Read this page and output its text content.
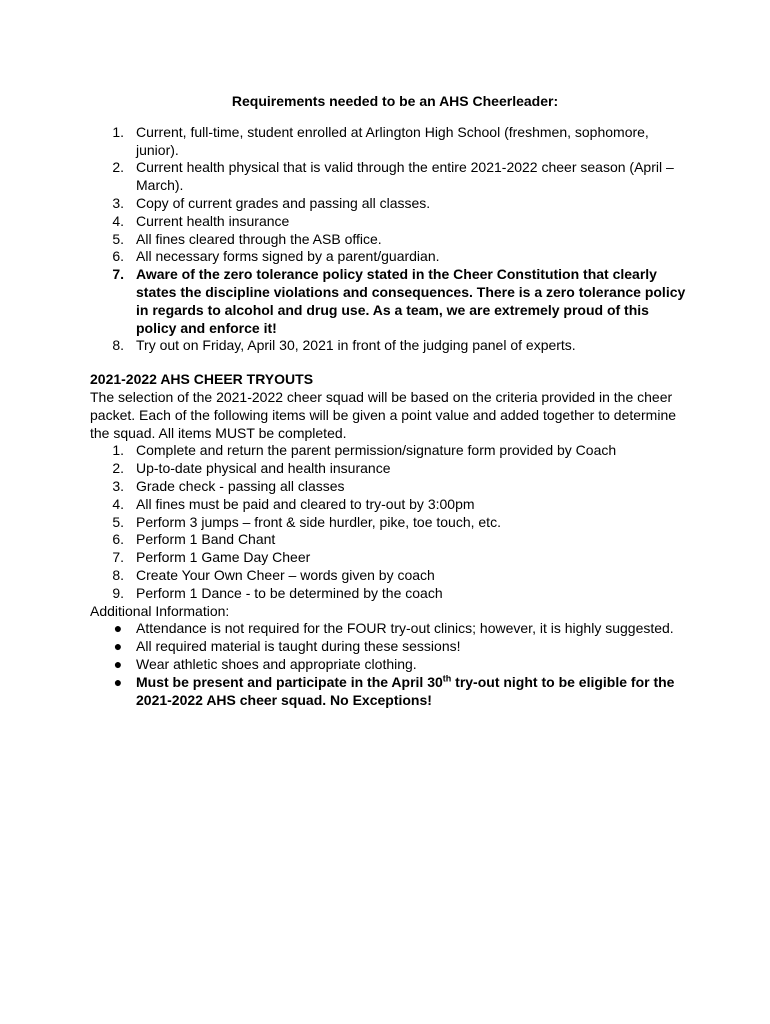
Requirements needed to be an AHS Cheerleader:
1. Current, full-time, student enrolled at Arlington High School (freshmen, sophomore, junior).
2. Current health physical that is valid through the entire 2021-2022 cheer season (April –March).
3. Copy of current grades and passing all classes.
4. Current health insurance
5. All fines cleared through the ASB office.
6. All necessary forms signed by a parent/guardian.
7. Aware of the zero tolerance policy stated in the Cheer Constitution that clearly states the discipline violations and consequences. There is a zero tolerance policy in regards to alcohol and drug use. As a team, we are extremely proud of this policy and enforce it!
8. Try out on Friday, April 30, 2021 in front of the judging panel of experts.
2021-2022 AHS CHEER TRYOUTS
The selection of the 2021-2022 cheer squad will be based on the criteria provided in the cheer packet. Each of the following items will be given a point value and added together to determine the squad. All items MUST be completed.
1. Complete and return the parent permission/signature form provided by Coach
2. Up-to-date physical and health insurance
3. Grade check - passing all classes
4. All fines must be paid and cleared to try-out by 3:00pm
5. Perform 3 jumps – front & side hurdler, pike, toe touch, etc.
6. Perform 1 Band Chant
7. Perform 1 Game Day Cheer
8. Create Your Own Cheer – words given by coach
9. Perform 1 Dance - to be determined by the coach
Additional Information:
● Attendance is not required for the FOUR try-out clinics; however, it is highly suggested.
● All required material is taught during these sessions!
● Wear athletic shoes and appropriate clothing.
● Must be present and participate in the April 30th try-out night to be eligible for the 2021-2022 AHS cheer squad. No Exceptions!
